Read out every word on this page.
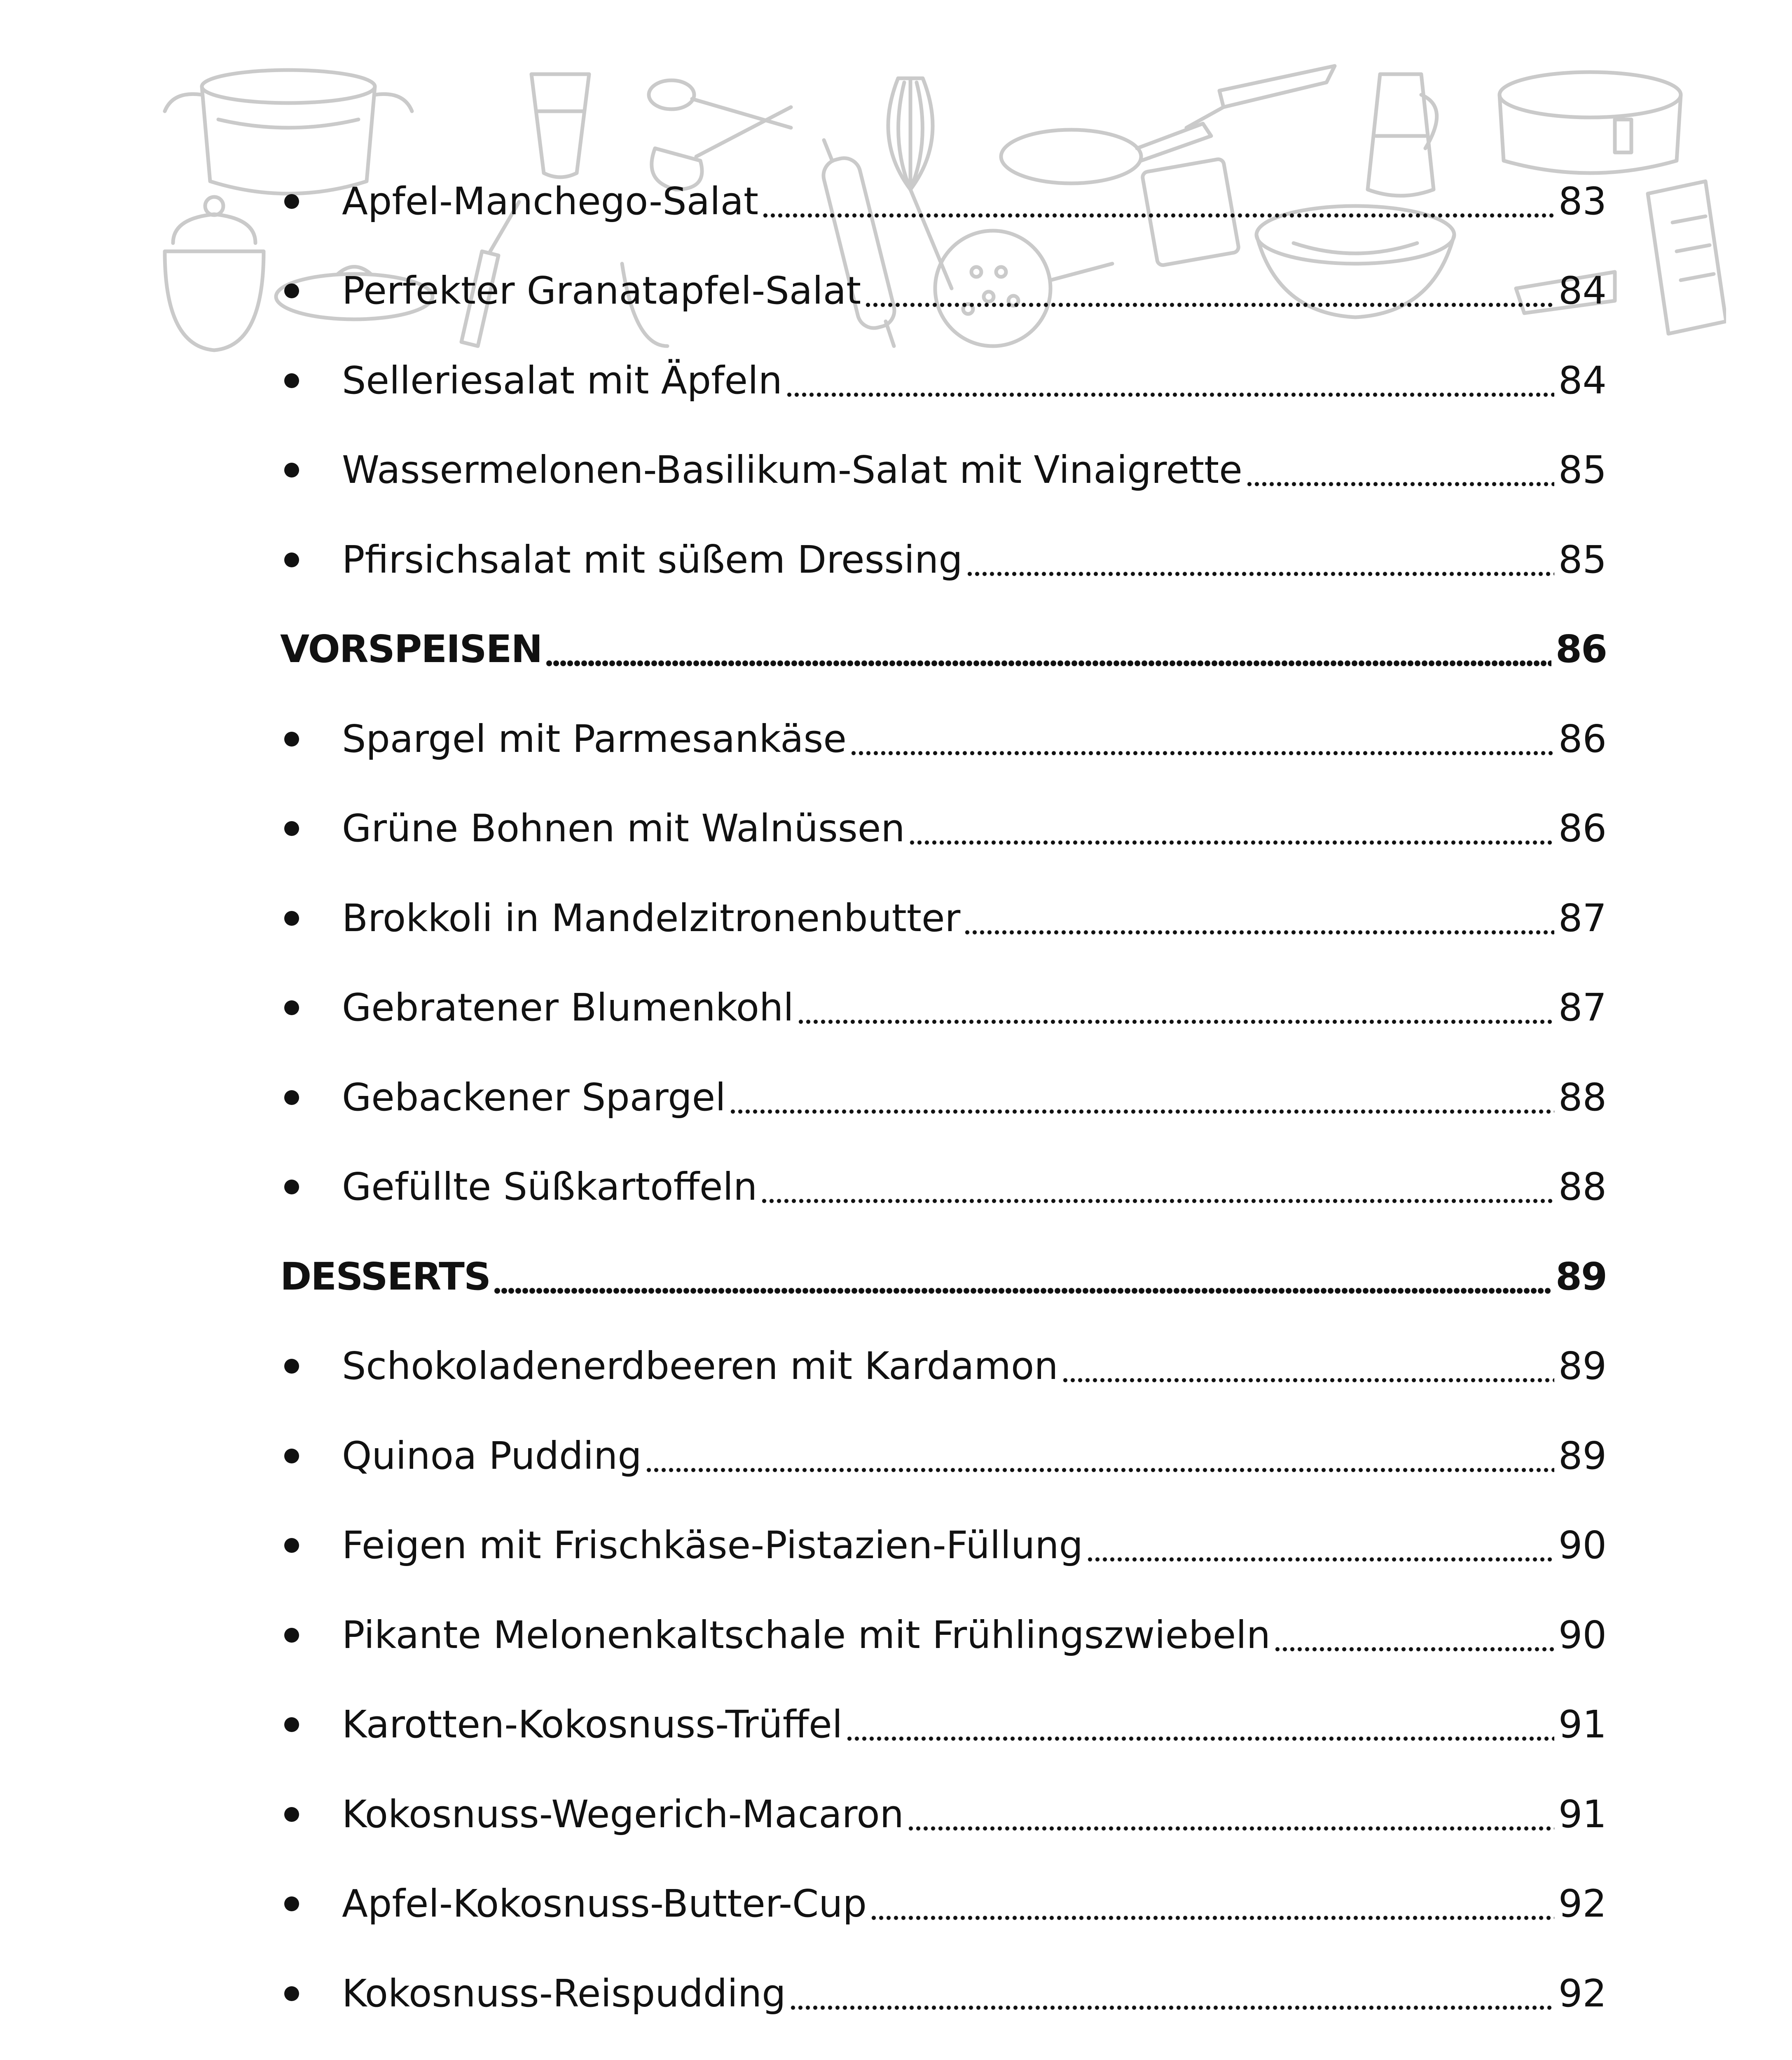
Apfel-Manchego-Salat	83
Perfekter Granatapfel-Salat	84
Selleriesalat mit Äpfeln	84
Wassermelonen-Basilikum-Salat mit Vinaigrette	85
Pfirsichsalat mit süßem Dressing	85
VORSPEISEN	86
Spargel mit Parmesankäse	86
Grüne Bohnen mit Walnüssen	86
Brokkoli in Mandelzitronenbutter	87
Gebratener Blumenkohl	87
Gebackener Spargel	88
Gefüllte Süßkartoffeln	88
DESSERTS	89
Schokoladenerdbeeren mit Kardamon	89
Quinoa Pudding	89
Feigen mit Frischkäse-Pistazien-Füllung	90
Pikante Melonenkaltschale mit Frühlingszwiebeln	90
Karotten-Kokosnuss-Trüffel	91
Kokosnuss-Wegerich-Macaron	91
Apfel-Kokosnuss-Butter-Cup	92
Kokosnuss-Reispudding	92
